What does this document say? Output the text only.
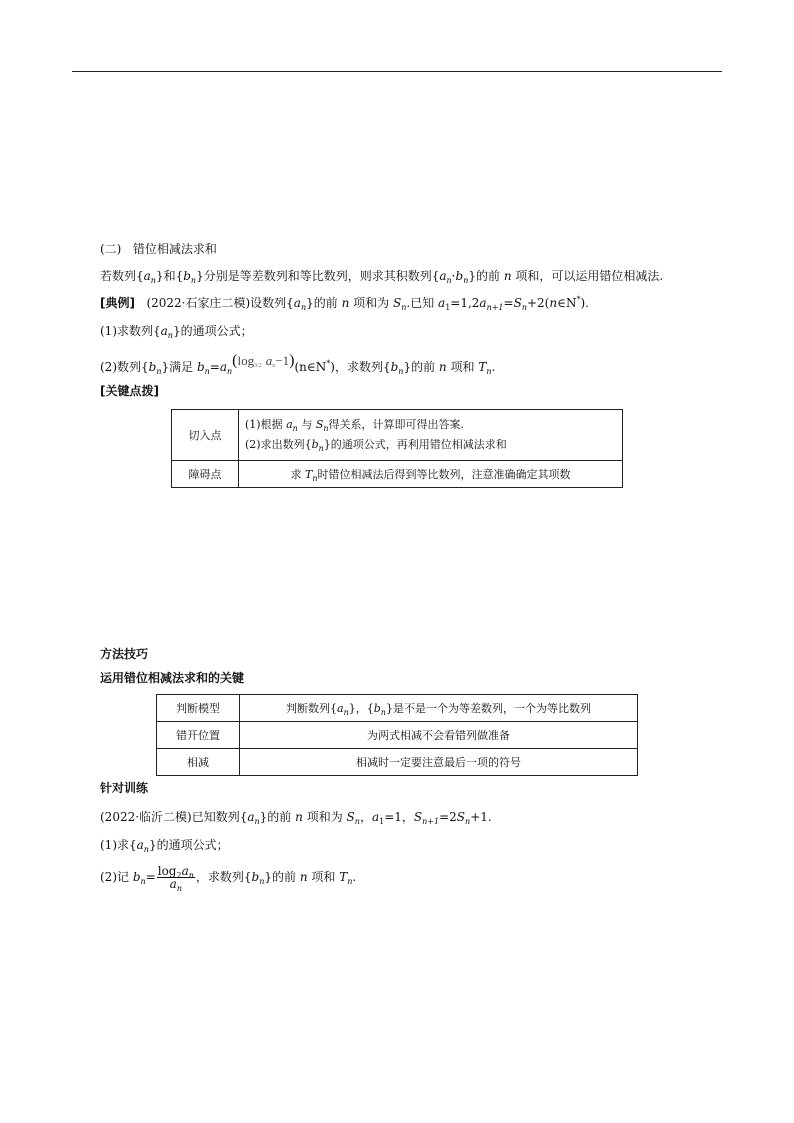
(二) 错位相减法求和
若数列$\{a_n\}$和$\{b_n\}$分别是等差数列和等比数列，则求其积数列$\{a_n\cdot b_n\}$的前 n 项和，可以运用错位相减法.
[典例] (2022·石家庄二模)设数列$\{a_n\}$的前 n 项和为 $S_n$.已知 $a_1=1,2a_{n+1}=S_n+2(n\in N^*)$.
(1)求数列$\{a_n\}$的通项公式；
(2)数列$\{b_n\}$满足 $b_n=a_n(\log 3/2$ an−1)(n∈N*)，求数列$\{b_n\}$的前 n 项和 $T_n$.
[关键点拨]
切入点	(1)根据 $a_n$ 与 $S_n$得关系，计算即可得出答案.
(2)求出数列$\{b_n\}$的通项公式，再利用错位相减法求和

障碍点	求 $T_n$时错位相减法后得到等比数列，注意准确确定其项数
方法技巧
运用错位相减法求和的关键
判断模型	判断数列$\{a_n\}$，$\{b_n\}$是不是一个为等差数列，一个为等比数列
错开位置	为两式相减不会看错列做准备
相减	相减时一定要注意最后一项的符号
针对训练
(2022·临沂二模)已知数列$\{a_n\}$的前 n 项和为 $S_n$，$a_1=1$，$S_{n+1}=2S_n+1$.
(1)求$\{a_n\}$的通项公式；
(2)记 $b_n= \frac{\log_2a_n}{a_n}$ ，求数列$\{b_n\}$的前 n 项和 $T_n$.
